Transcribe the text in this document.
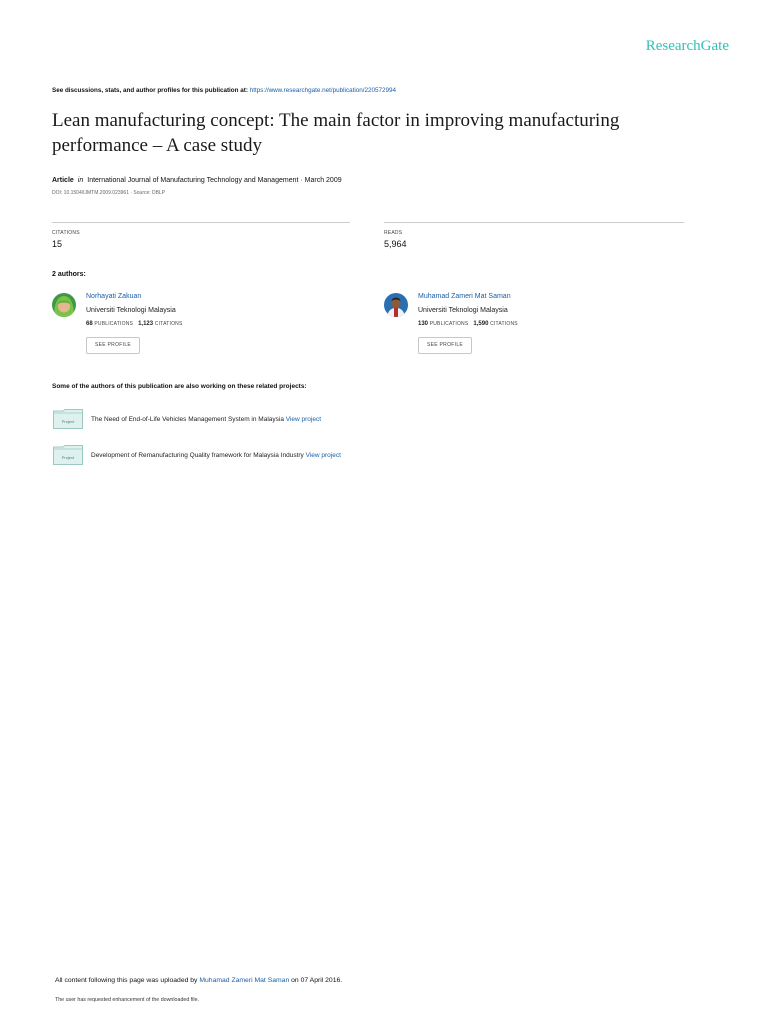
ResearchGate
See discussions, stats, and author profiles for this publication at: https://www.researchgate.net/publication/220572994
Lean manufacturing concept: The main factor in improving manufacturing performance – A case study
Article in International Journal of Manufacturing Technology and Management · March 2009
DOI: 10.1504/IJMTM.2009.023961 · Source: DBLP
CITATIONS
15
READS
5,964
2 authors:
Norhayati Zakuan
Universiti Teknologi Malaysia
68 PUBLICATIONS 1,123 CITATIONS
SEE PROFILE
Muhamad Zameri Mat Saman
Universiti Teknologi Malaysia
130 PUBLICATIONS 1,590 CITATIONS
SEE PROFILE
Some of the authors of this publication are also working on these related projects:
Project	The Need of End-of-Life Vehicles Management System in Malaysia View project
Project	Development of Remanufacturing Quality framework for Malaysia Industry View project
All content following this page was uploaded by Muhamad Zameri Mat Saman on 07 April 2016.
The user has requested enhancement of the downloaded file.
